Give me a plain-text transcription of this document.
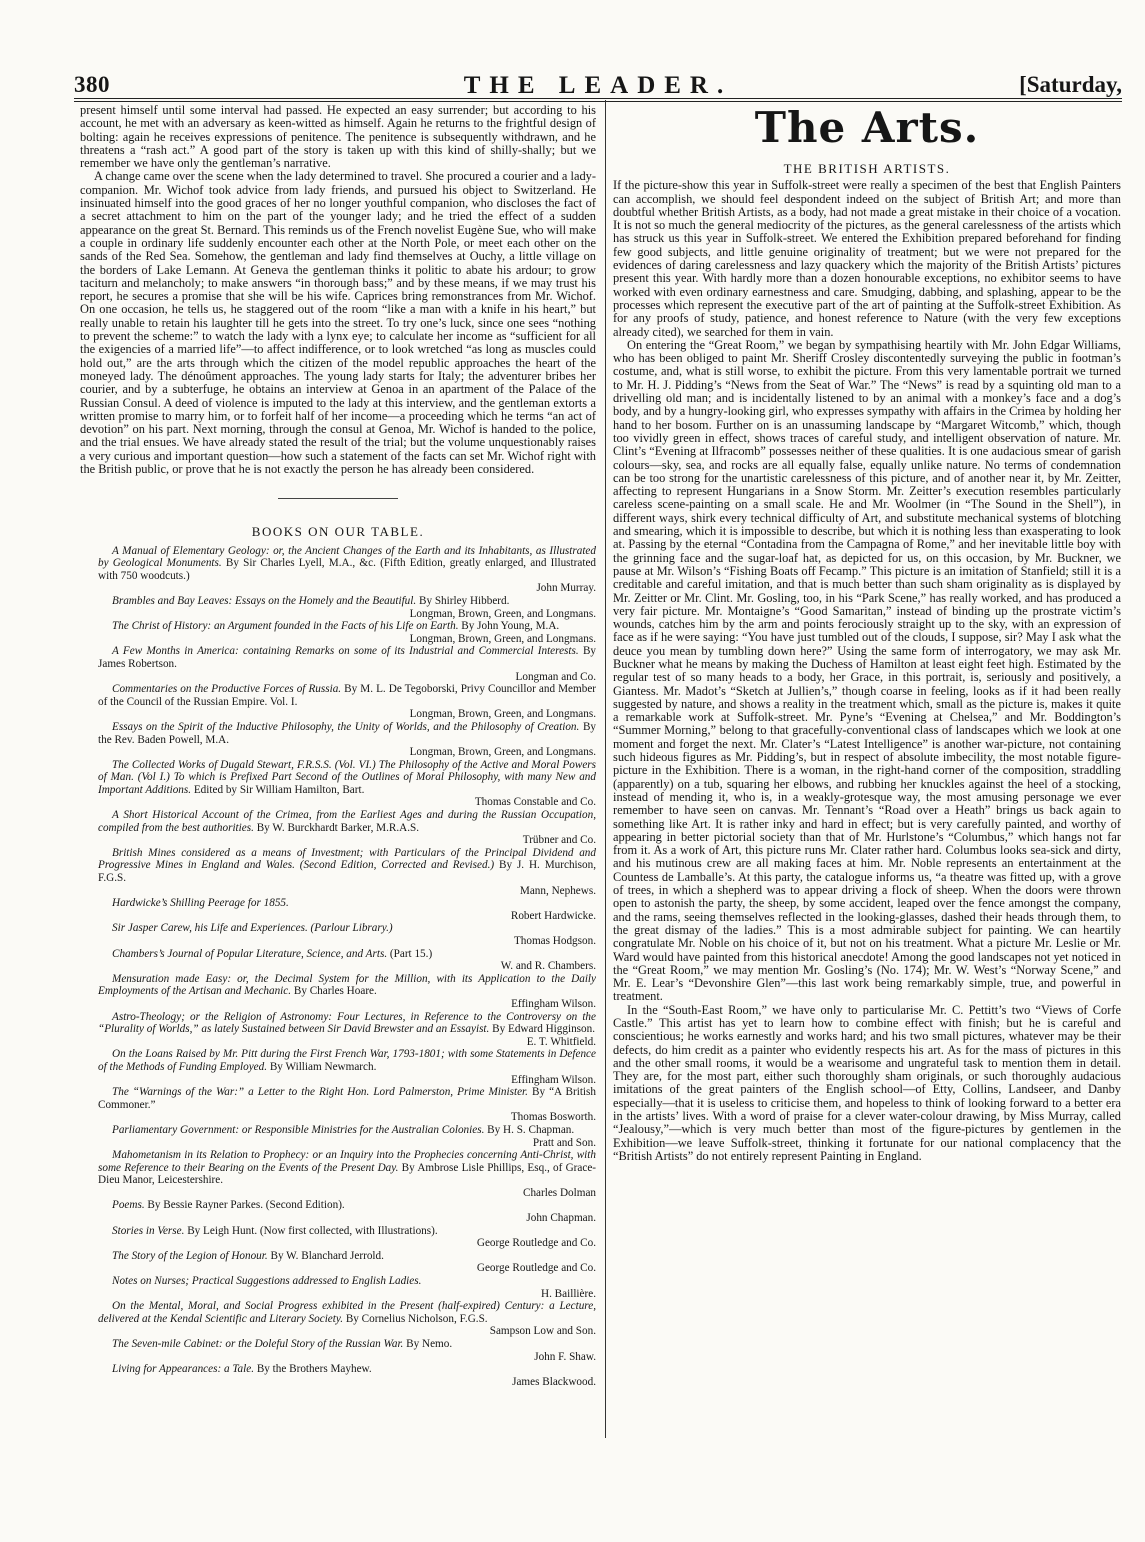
380	THE LEADER.	[Saturday,

present himself until some interval had passed. He expected an easy surrender; but according to his account, he met with an adversary as keen-witted as himself. Again he returns to the frightful design of bolting: again he receives expressions of penitence. The penitence is subsequently withdrawn, and he threatens a “rash act.” A good part of the story is taken up with this kind of shilly-shally; but we remember we have only the gentleman’s narrative.

A change came over the scene when the lady determined to travel. She procured a courier and a lady-companion. Mr. Wichof took advice from lady friends, and pursued his object to Switzerland. He insinuated himself into the good graces of her no longer youthful companion, who discloses the fact of a secret attachment to him on the part of the younger lady; and he tried the effect of a sudden appearance on the great St. Bernard. This reminds us of the French novelist Eugène Sue, who will make a couple in ordinary life suddenly encounter each other at the North Pole, or meet each other on the sands of the Red Sea. Somehow, the gentleman and lady find themselves at Ouchy, a little village on the borders of Lake Lemann. At Geneva the gentleman thinks it politic to abate his ardour; to grow taciturn and melancholy; to make answers “in thorough bass;” and by these means, if we may trust his report, he secures a promise that she will be his wife. Caprices bring remonstrances from Mr. Wichof. On one occasion, he tells us, he staggered out of the room “like a man with a knife in his heart,” but really unable to retain his laughter till he gets into the street. To try one’s luck, since one sees “nothing to prevent the scheme:” to watch the lady with a lynx eye; to calculate her income as “sufficient for all the exigencies of a married life”—to affect indifference, or to look wretched “as long as muscles could hold out,” are the arts through which the citizen of the model republic approaches the heart of the moneyed lady. The dénoûment approaches. The young lady starts for Italy; the adventurer bribes her courier, and by a subterfuge, he obtains an interview at Genoa in an apartment of the Palace of the Russian Consul. A deed of violence is imputed to the lady at this interview, and the gentleman extorts a written promise to marry him, or to forfeit half of her income—a proceeding which he terms “an act of devotion” on his part. Next morning, through the consul at Genoa, Mr. Wichof is handed to the police, and the trial ensues. We have already stated the result of the trial; but the volume unquestionably raises a very curious and important question—how such a statement of the facts can set Mr. Wichof right with the British public, or prove that he is not exactly the person he has already been considered.

BOOKS ON OUR TABLE.

A Manual of Elementary Geology: or, the Ancient Changes of the Earth and its Inhabitants, as Illustrated by Geological Monuments. By Sir Charles Lyell, M.A., &c. (Fifth Edition, greatly enlarged, and Illustrated with 750 woodcuts.)
John Murray.

Brambles and Bay Leaves: Essays on the Homely and the Beautiful. By Shirley Hibberd.
Longman, Brown, Green, and Longmans.

The Christ of History: an Argument founded in the Facts of his Life on Earth. By John Young, M.A.
Longman, Brown, Green, and Longmans.

A Few Months in America: containing Remarks on some of its Industrial and Commercial Interests. By James Robertson.
Longman and Co.

Commentaries on the Productive Forces of Russia. By M. L. De Tegoborski, Privy Councillor and Member of the Council of the Russian Empire. Vol. I.
Longman, Brown, Green, and Longmans.

Essays on the Spirit of the Inductive Philosophy, the Unity of Worlds, and the Philosophy of Creation. By the Rev. Baden Powell, M.A.
Longman, Brown, Green, and Longmans.

The Collected Works of Dugald Stewart, F.R.S.S. (Vol. VI.) The Philosophy of the Active and Moral Powers of Man. (Vol I.) To which is Prefixed Part Second of the Outlines of Moral Philosophy, with many New and Important Additions. Edited by Sir William Hamilton, Bart.
Thomas Constable and Co.

A Short Historical Account of the Crimea, from the Earliest Ages and during the Russian Occupation, compiled from the best authorities. By W. Burckhardt Barker, M.R.A.S.
Trübner and Co.

British Mines considered as a means of Investment; with Particulars of the Principal Dividend and Progressive Mines in England and Wales. (Second Edition, Corrected and Revised.) By J. H. Murchison, F.G.S.
Mann, Nephews.

Hardwicke’s Shilling Peerage for 1855.
Robert Hardwicke.

Sir Jasper Carew, his Life and Experiences. (Parlour Library.)
Thomas Hodgson.

Chambers’s Journal of Popular Literature, Science, and Arts. (Part 15.)
W. and R. Chambers.

Mensuration made Easy: or, the Decimal System for the Million, with its Application to the Daily Employments of the Artisan and Mechanic. By Charles Hoare.
Effingham Wilson.

Astro-Theology; or the Religion of Astronomy: Four Lectures, in Reference to the Controversy on the “Plurality of Worlds,” as lately Sustained between Sir David Brewster and an Essayist. By Edward Higginson.
E. T. Whitfield.

On the Loans Raised by Mr. Pitt during the First French War, 1793-1801; with some Statements in Defence of the Methods of Funding Employed. By William Newmarch.
Effingham Wilson.

The “Warnings of the War:” a Letter to the Right Hon. Lord Palmerston, Prime Minister. By “A British Commoner.”
Thomas Bosworth.

Parliamentary Government: or Responsible Ministries for the Australian Colonies. By H. S. Chapman.
Pratt and Son.

Mahometanism in its Relation to Prophecy: or an Inquiry into the Prophecies concerning Anti-Christ, with some Reference to their Bearing on the Events of the Present Day. By Ambrose Lisle Phillips, Esq., of Grace-Dieu Manor, Leicestershire.
Charles Dolman

Poems. By Bessie Rayner Parkes. (Second Edition).
John Chapman.

Stories in Verse. By Leigh Hunt. (Now first collected, with Illustrations).
George Routledge and Co.

The Story of the Legion of Honour. By W. Blanchard Jerrold.
George Routledge and Co.

Notes on Nurses; Practical Suggestions addressed to English Ladies.
H. Baillière.

On the Mental, Moral, and Social Progress exhibited in the Present (half-expired) Century: a Lecture, delivered at the Kendal Scientific and Literary Society. By Cornelius Nicholson, F.G.S.
Sampson Low and Son.

The Seven-mile Cabinet: or the Doleful Story of the Russian War. By Nemo.
John F. Shaw.

Living for Appearances: a Tale. By the Brothers Mayhew.
James Blackwood.

The Arts.
THE BRITISH ARTISTS.

If the picture-show this year in Suffolk-street were really a specimen of the best that English Painters can accomplish, we should feel despondent indeed on the subject of British Art; and more than doubtful whether British Artists, as a body, had not made a great mistake in their choice of a vocation. It is not so much the general mediocrity of the pictures, as the general carelessness of the artists which has struck us this year in Suffolk-street. We entered the Exhibition prepared beforehand for finding few good subjects, and little genuine originality of treatment; but we were not prepared for the evidences of daring carelessness and lazy quackery which the majority of the British Artists’ pictures present this year. With hardly more than a dozen honourable exceptions, no exhibitor seems to have worked with even ordinary earnestness and care. Smudging, dabbing, and splashing, appear to be the processes which represent the executive part of the art of painting at the Suffolk-street Exhibition. As for any proofs of study, patience, and honest reference to Nature (with the very few exceptions already cited), we searched for them in vain.

On entering the “Great Room,” we began by sympathising heartily with Mr. John Edgar Williams, who has been obliged to paint Mr. Sheriff Crosley discontentedly surveying the public in footman’s costume, and, what is still worse, to exhibit the picture. From this very lamentable portrait we turned to Mr. H. J. Pidding’s “News from the Seat of War.” The “News” is read by a squinting old man to a drivelling old man; and is incidentally listened to by an animal with a monkey’s face and a dog’s body, and by a hungry-looking girl, who expresses sympathy with affairs in the Crimea by holding her hand to her bosom. Further on is an unassuming landscape by “Margaret Witcomb,” which, though too vividly green in effect, shows traces of careful study, and intelligent observation of nature. Mr. Clint’s “Evening at Ilfracomb” possesses neither of these qualities. It is one audacious smear of garish colours—sky, sea, and rocks are all equally false, equally unlike nature. No terms of condemnation can be too strong for the unartistic carelessness of this picture, and of another near it, by Mr. Zeitter, affecting to represent Hungarians in a Snow Storm. Mr. Zeitter’s execution resembles particularly careless scene-painting on a small scale. He and Mr. Woolmer (in “The Sound in the Shell”), in different ways, shirk every technical difficulty of Art, and substitute mechanical systems of blotching and smearing, which it is impossible to describe, but which it is nothing less than exasperating to look at. Passing by the eternal “Contadina from the Campagna of Rome,” and her inevitable little boy with the grinning face and the sugar-loaf hat, as depicted for us, on this occasion, by Mr. Buckner, we pause at Mr. Wilson’s “Fishing Boats off Fecamp.” This picture is an imitation of Stanfield; still it is a creditable and careful imitation, and that is much better than such sham originality as is displayed by Mr. Zeitter or Mr. Clint. Mr. Gosling, too, in his “Park Scene,” has really worked, and has produced a very fair picture. Mr. Montaigne’s “Good Samaritan,” instead of binding up the prostrate victim’s wounds, catches him by the arm and points ferociously straight up to the sky, with an expression of face as if he were saying: “You have just tumbled out of the clouds, I suppose, sir? May I ask what the deuce you mean by tumbling down here?” Using the same form of interrogatory, we may ask Mr. Buckner what he means by making the Duchess of Hamilton at least eight feet high. Estimated by the regular test of so many heads to a body, her Grace, in this portrait, is, seriously and positively, a Giantess. Mr. Madot’s “Sketch at Jullien’s,” though coarse in feeling, looks as if it had been really suggested by nature, and shows a reality in the treatment which, small as the picture is, makes it quite a remarkable work at Suffolk-street. Mr. Pyne’s “Evening at Chelsea,” and Mr. Boddington’s “Summer Morning,” belong to that gracefully-conventional class of landscapes which we look at one moment and forget the next. Mr. Clater’s “Latest Intelligence” is another war-picture, not containing such hideous figures as Mr. Pidding’s, but in respect of absolute imbecility, the most notable figure-picture in the Exhibition. There is a woman, in the right-hand corner of the composition, straddling (apparently) on a tub, squaring her elbows, and rubbing her knuckles against the heel of a stocking, instead of mending it, who is, in a weakly-grotesque way, the most amusing personage we ever remember to have seen on canvas. Mr. Tennant’s “Road over a Heath” brings us back again to something like Art. It is rather inky and hard in effect; but is very carefully painted, and worthy of appearing in better pictorial society than that of Mr. Hurlstone’s “Columbus,” which hangs not far from it. As a work of Art, this picture runs Mr. Clater rather hard. Columbus looks sea-sick and dirty, and his mutinous crew are all making faces at him. Mr. Noble represents an entertainment at the Countess de Lamballe’s. At this party, the catalogue informs us, “a theatre was fitted up, with a grove of trees, in which a shepherd was to appear driving a flock of sheep. When the doors were thrown open to astonish the party, the sheep, by some accident, leaped over the fence amongst the company, and the rams, seeing themselves reflected in the looking-glasses, dashed their heads through them, to the great dismay of the ladies.” This is a most admirable subject for painting. We can heartily congratulate Mr. Noble on his choice of it, but not on his treatment. What a picture Mr. Leslie or Mr. Ward would have painted from this historical anecdote! Among the good landscapes not yet noticed in the “Great Room,” we may mention Mr. Gosling’s (No. 174); Mr. W. West’s “Norway Scene,” and Mr. E. Lear’s “Devonshire Glen”—this last work being remarkably simple, true, and powerful in treatment.

In the “South-East Room,” we have only to particularise Mr. C. Pettitt’s two “Views of Corfe Castle.” This artist has yet to learn how to combine effect with finish; but he is careful and conscientious; he works earnestly and works hard; and his two small pictures, whatever may be their defects, do him credit as a painter who evidently respects his art. As for the mass of pictures in this and the other small rooms, it would be a wearisome and ungrateful task to mention them in detail. They are, for the most part, either such thoroughly sham originals, or such thoroughly audacious imitations of the great painters of the English school—of Etty, Collins, Landseer, and Danby especially—that it is useless to criticise them, and hopeless to think of looking forward to a better era in the artists’ lives. With a word of praise for a clever water-colour drawing, by Miss Murray, called “Jealousy,”—which is very much better than most of the figure-pictures by gentlemen in the Exhibition—we leave Suffolk-street, thinking it fortunate for our national complacency that the “British Artists” do not entirely represent Painting in England.
